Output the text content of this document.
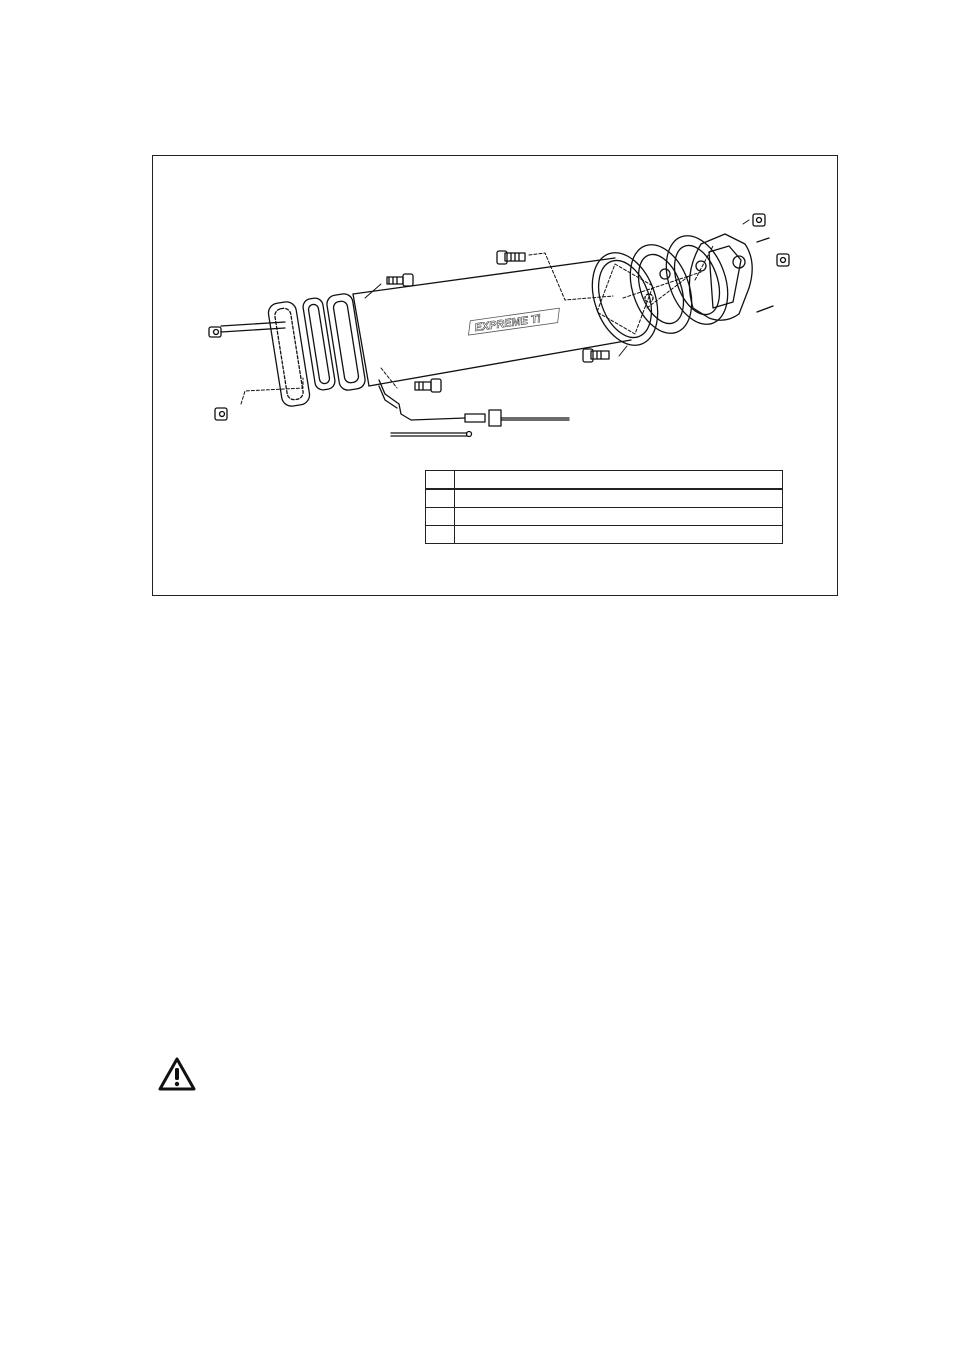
EXPREME Ti
